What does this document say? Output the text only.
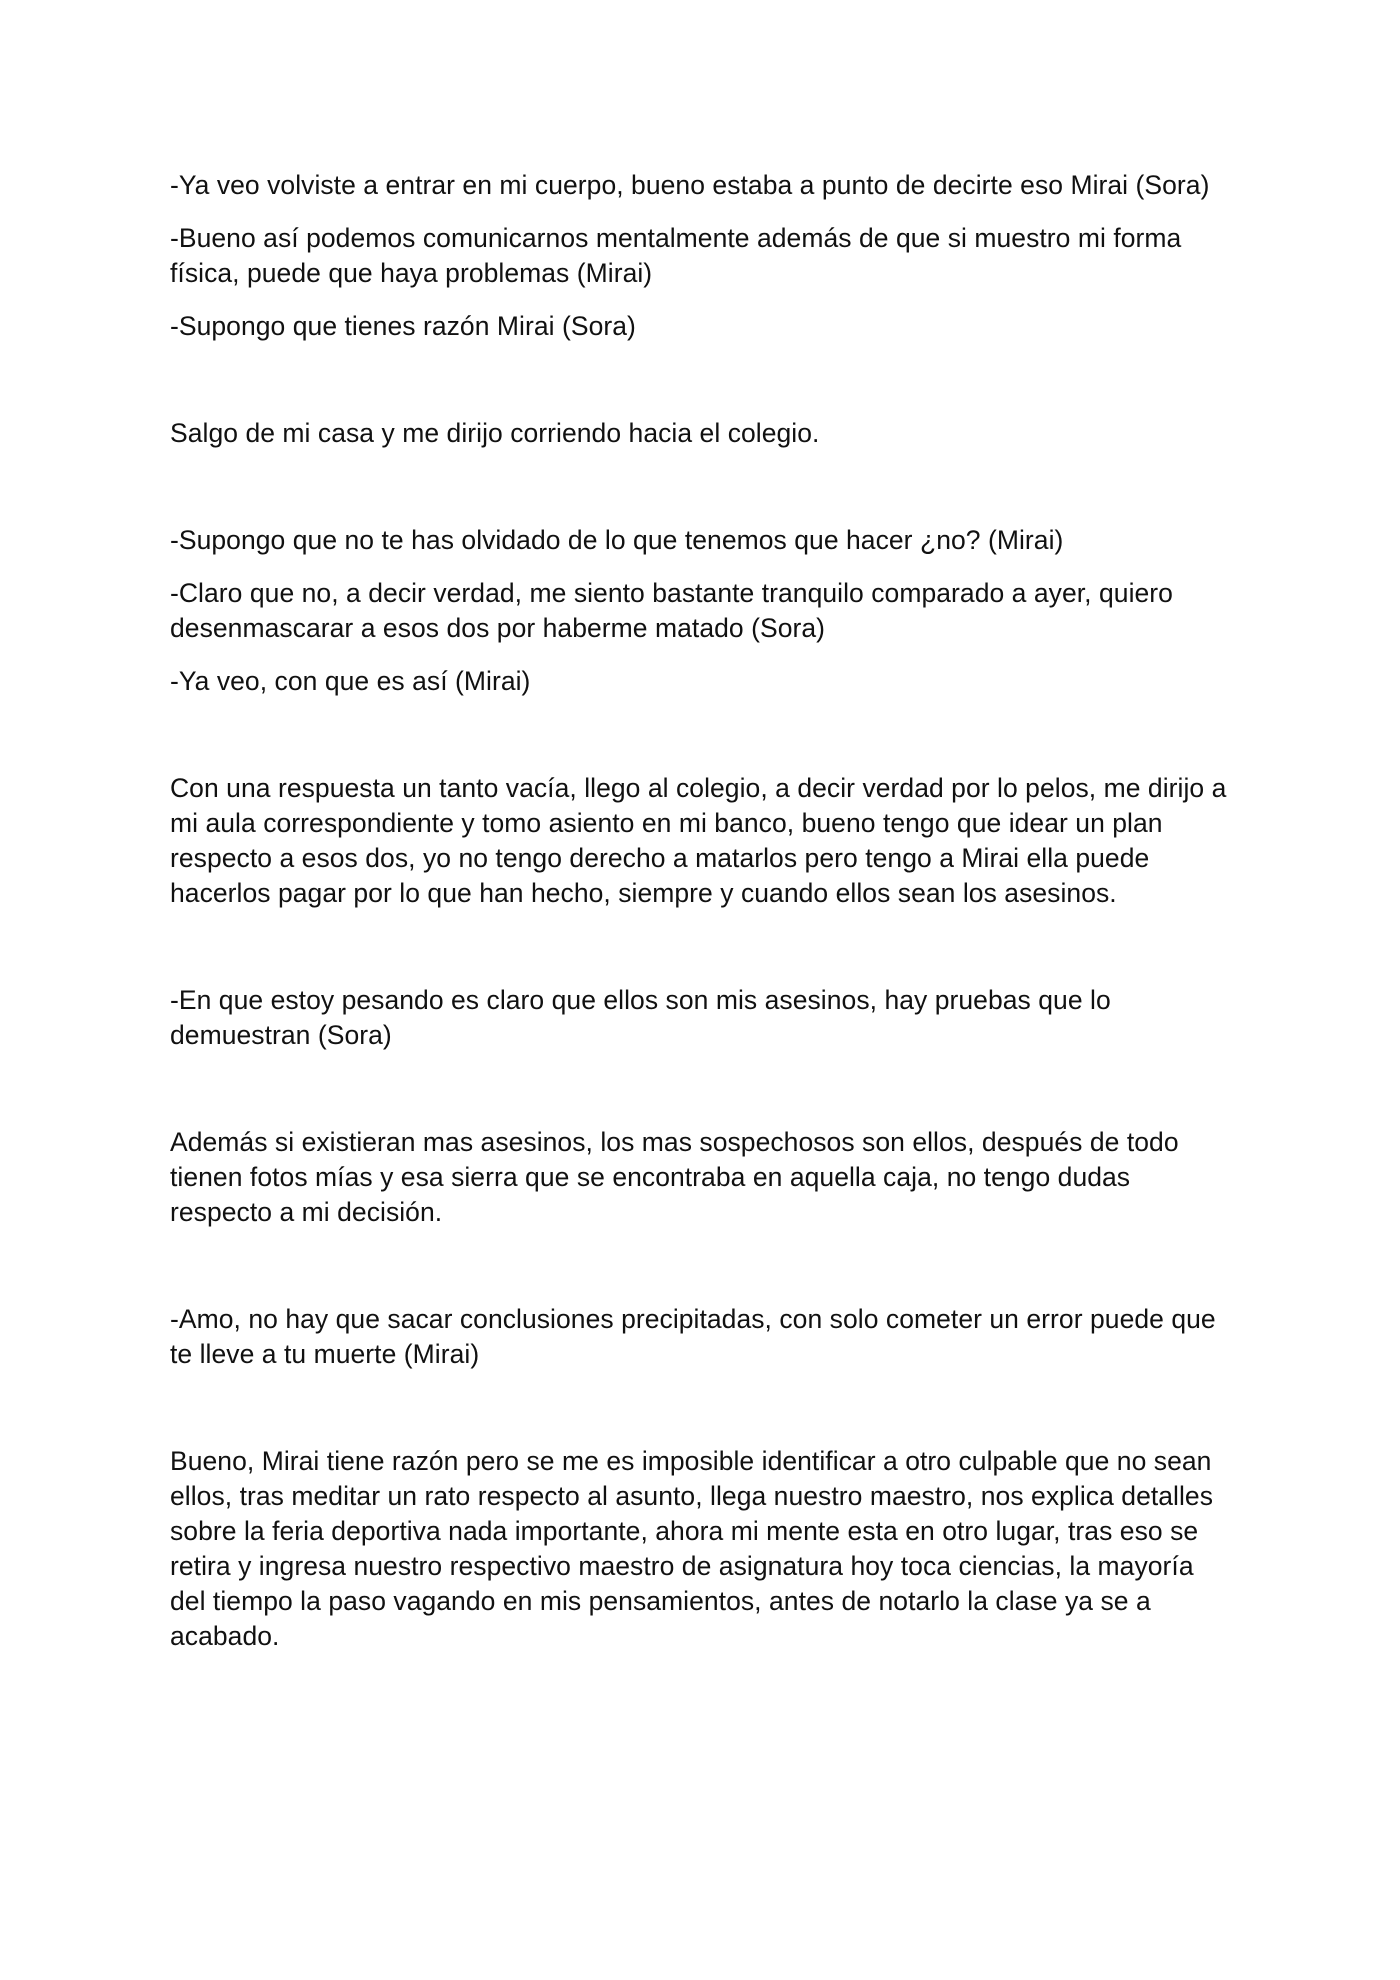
-Ya veo volviste a entrar en mi cuerpo, bueno estaba a punto de decirte eso Mirai (Sora)

-Bueno así podemos comunicarnos mentalmente además de que si muestro mi forma física, puede que haya problemas (Mirai)

-Supongo que tienes razón Mirai (Sora)

Salgo de mi casa y me dirijo corriendo hacia el colegio.

-Supongo que no te has olvidado de lo que tenemos que hacer ¿no? (Mirai)

-Claro que no, a decir verdad, me siento bastante tranquilo comparado a ayer, quiero desenmascarar a esos dos por haberme matado (Sora)

-Ya veo, con que es así (Mirai)

Con una respuesta un tanto vacía, llego al colegio, a decir verdad por lo pelos, me dirijo a mi aula correspondiente y tomo asiento en mi banco, bueno tengo que idear un plan respecto a esos dos, yo no tengo derecho a matarlos pero tengo a Mirai ella puede hacerlos pagar por lo que han hecho, siempre y cuando ellos sean los asesinos.

-En que estoy pesando es claro que ellos son mis asesinos, hay pruebas que lo demuestran (Sora)

Además si existieran mas asesinos, los mas sospechosos son ellos, después de todo tienen fotos mías y esa sierra que se encontraba en aquella caja, no tengo dudas respecto a mi decisión.

-Amo, no hay que sacar conclusiones precipitadas, con solo cometer un error puede que te lleve a tu muerte (Mirai)

Bueno, Mirai tiene razón pero se me es imposible identificar a otro culpable que no sean ellos, tras meditar un rato respecto al asunto, llega nuestro maestro, nos explica detalles sobre la feria deportiva nada importante, ahora mi mente esta en otro lugar, tras eso se retira y ingresa nuestro respectivo maestro de asignatura hoy toca ciencias, la mayoría del tiempo la paso vagando en mis pensamientos, antes de notarlo la clase ya se a acabado.
